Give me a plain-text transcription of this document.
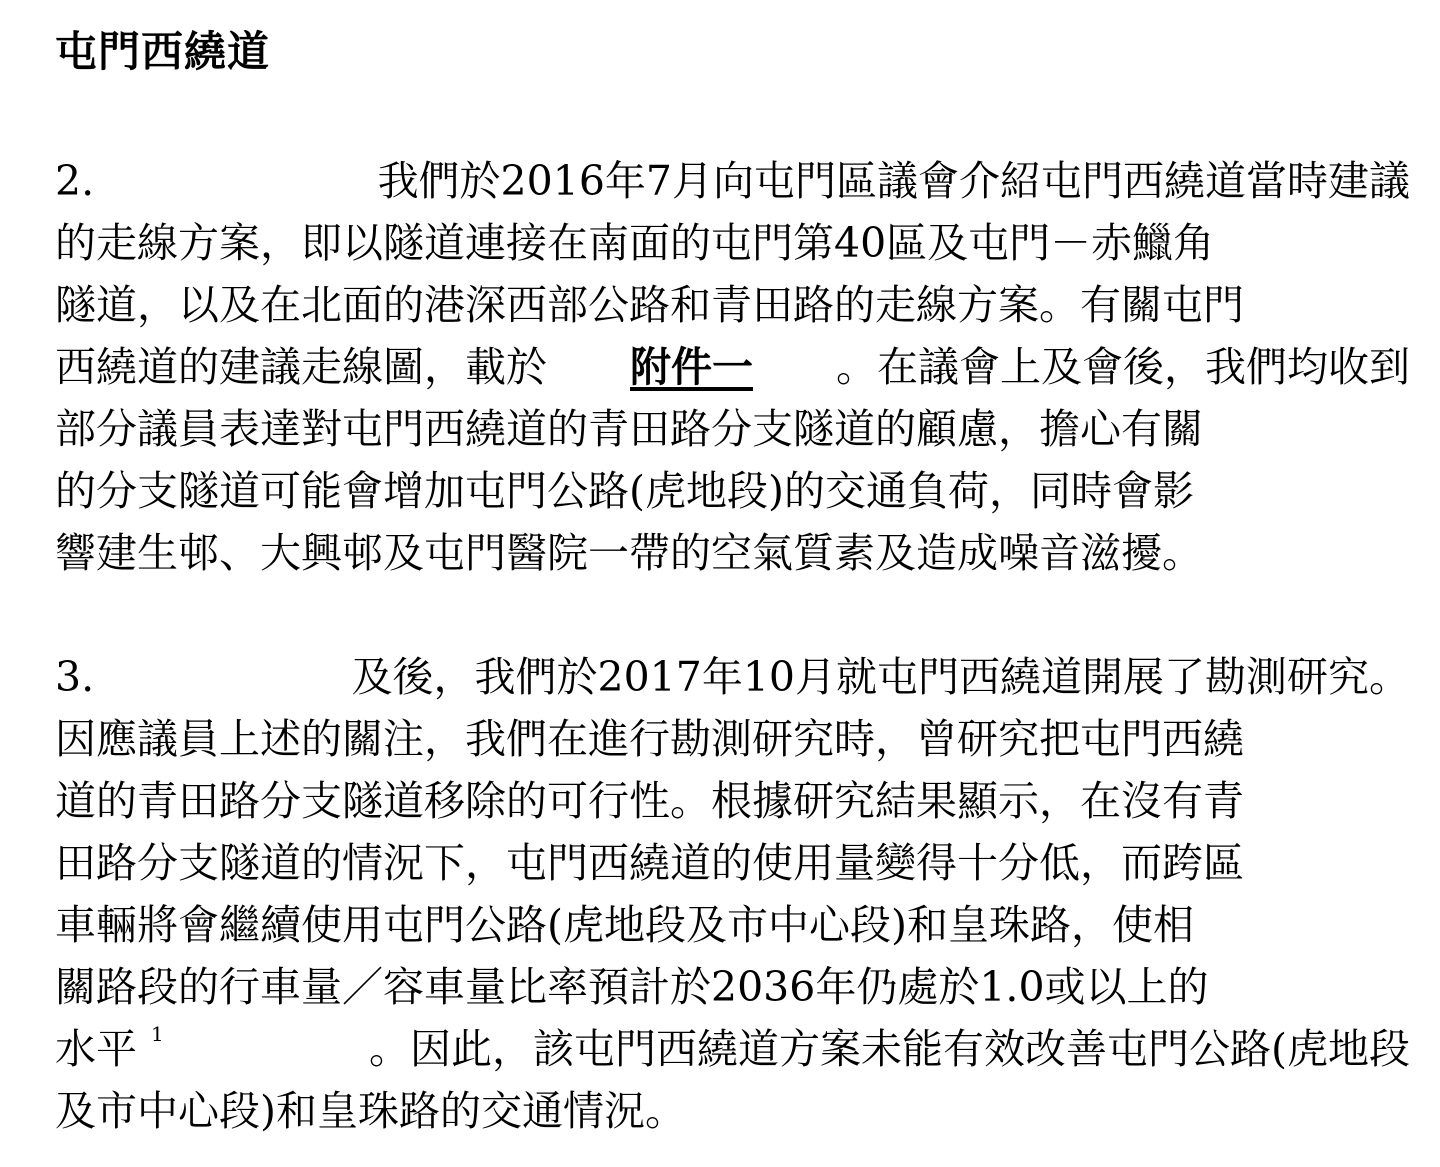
屯門西繞道
2.	我們於2016年7月向屯門區議會介紹屯門西繞道當時建議
的走線方案，即以隧道連接在南面的屯門第40區及屯門－赤鱲角
隧道，以及在北面的港深西部公路和青田路的走線方案。有關屯門
西繞道的建議走線圖，載於 附件一 。在議會上及會後，我們均收到
部分議員表達對屯門西繞道的青田路分支隧道的顧慮，擔心有關
的分支隧道可能會增加屯門公路(虎地段)的交通負荷，同時會影
響建生邨、大興邨及屯門醫院一帶的空氣質素及造成噪音滋擾。
3.	及後，我們於2017年10月就屯門西繞道開展了勘測研究。
因應議員上述的關注，我們在進行勘測研究時，曾研究把屯門西繞
道的青田路分支隧道移除的可行性。根據研究結果顯示，在沒有青
田路分支隧道的情況下，屯門西繞道的使用量變得十分低，而跨區
車輛將會繼續使用屯門公路(虎地段及市中心段)和皇珠路，使相
關路段的行車量／容車量比率預計於2036年仍處於1.0或以上的
水平 $^1$	。因此，該屯門西繞道方案未能有效改善屯門公路(虎地段
及市中心段)和皇珠路的交通情況。
